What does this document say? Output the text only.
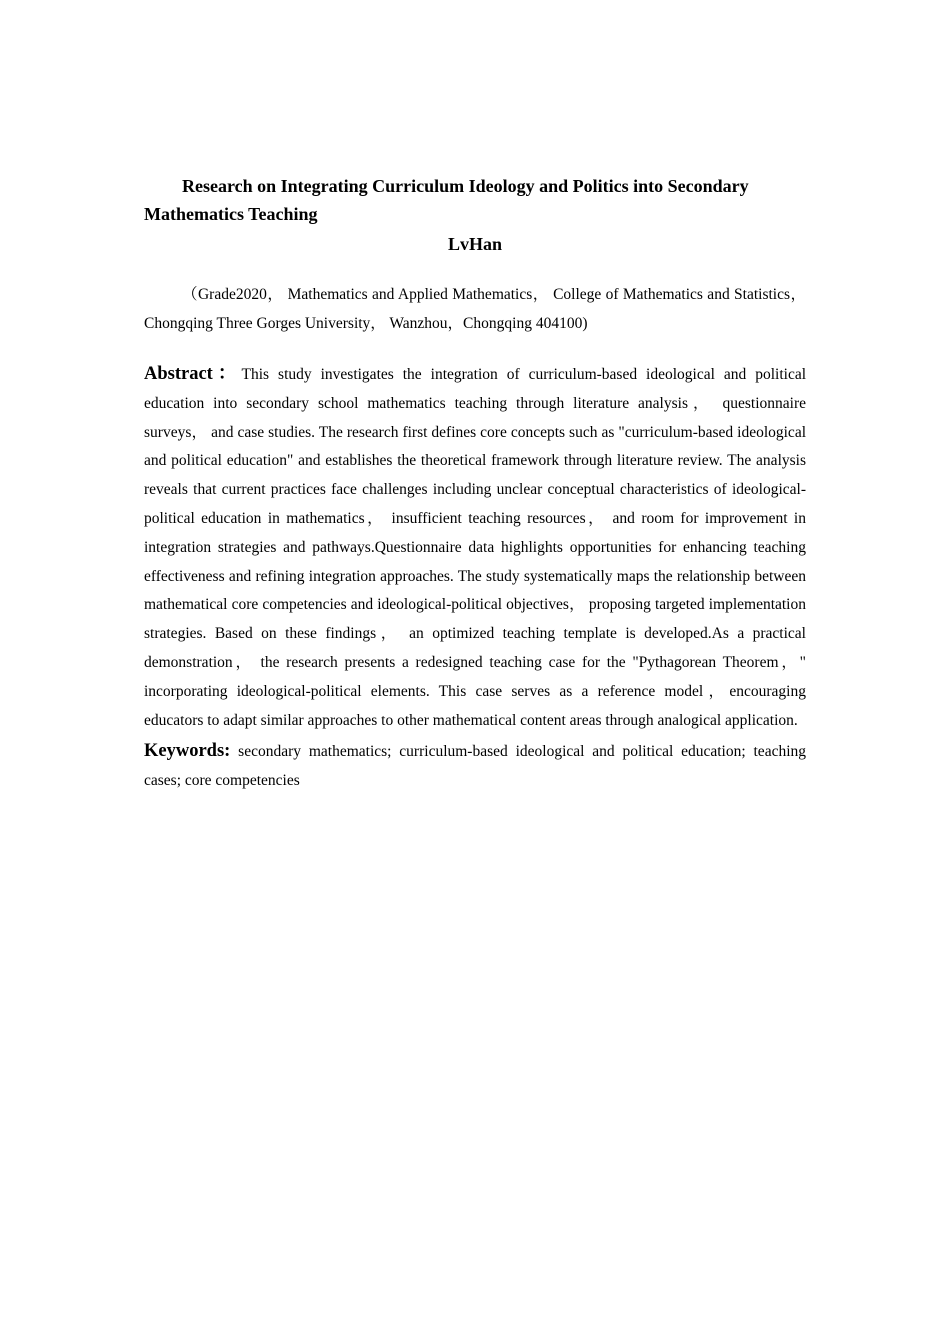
Research on Integrating Curriculum Ideology and Politics into Secondary Mathematics Teaching
LvHan

（Grade2020， Mathematics and Applied Mathematics， College of Mathematics and Statistics， Chongqing Three Gorges University， Wanzhou，Chongqing 404100)

Abstract：This study investigates the integration of curriculum-based ideological and political education into secondary school mathematics teaching through literature analysis， questionnaire surveys， and case studies. The research first defines core concepts such as "curriculum-based ideological and political education" and establishes the theoretical framework through literature review. The analysis reveals that current practices face challenges including unclear conceptual characteristics of ideological-political education in mathematics， insufficient teaching resources， and room for improvement in integration strategies and pathways.Questionnaire data highlights opportunities for enhancing teaching effectiveness and refining integration approaches. The study systematically maps the relationship between mathematical core competencies and ideological-political objectives， proposing targeted implementation strategies. Based on these findings， an optimized teaching template is developed.As a practical demonstration， the research presents a redesigned teaching case for the "Pythagorean Theorem，" incorporating ideological-political elements. This case serves as a reference model，encouraging educators to adapt similar approaches to other mathematical content areas through analogical application.

Keywords: secondary mathematics; curriculum-based ideological and political education; teaching cases; core competencies
